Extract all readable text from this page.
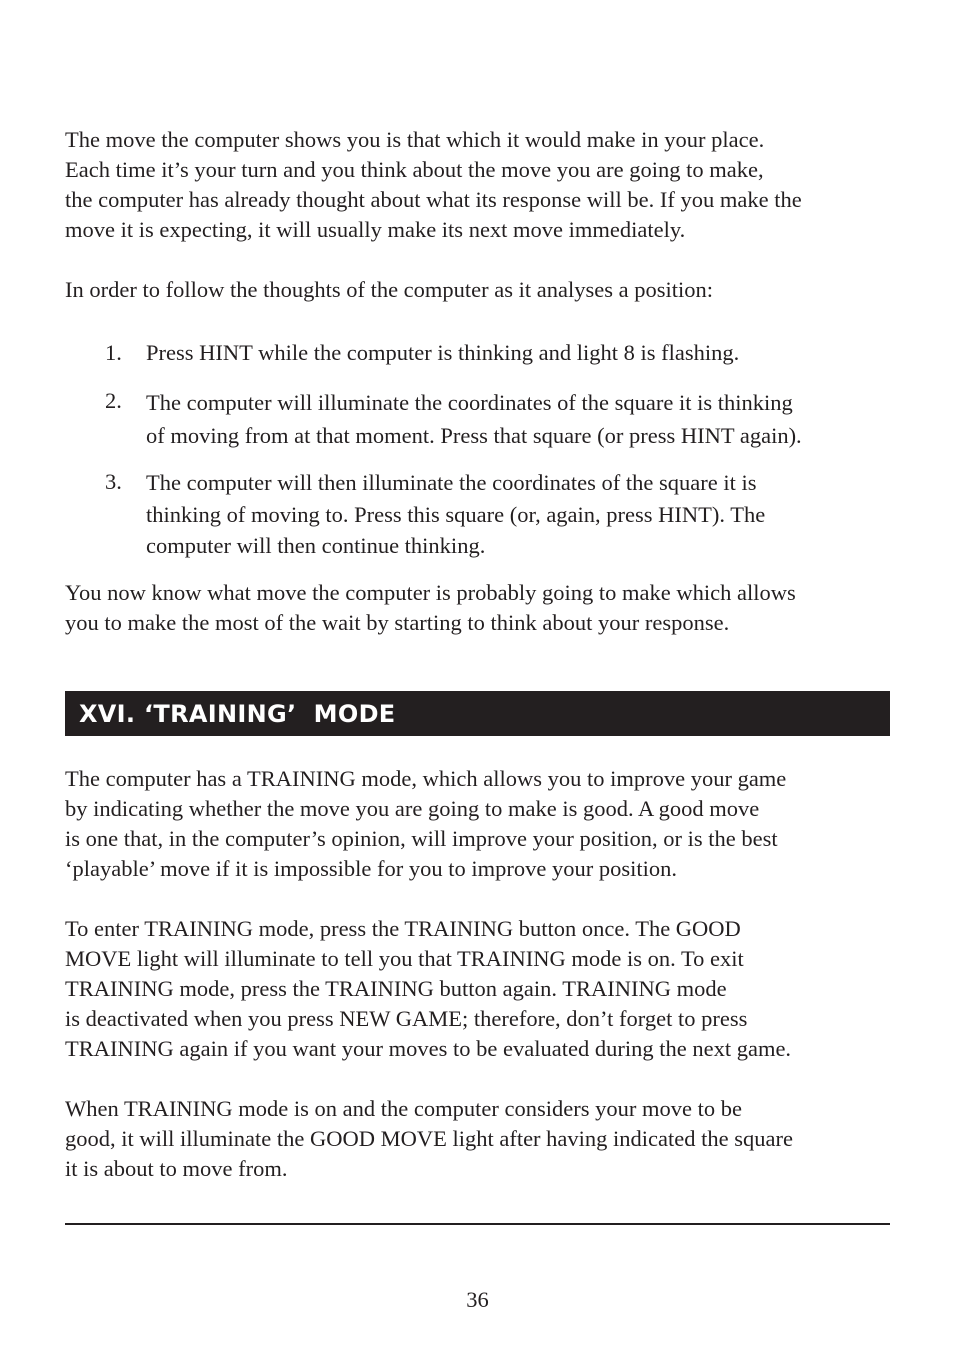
The move the computer shows you is that which it would make in your place.
Each time it’s your turn and you think about the move you are going to make,
the computer has already thought about what its response will be. If you make the
move it is expecting, it will usually make its next move immediately.

In order to follow the thoughts of the computer as it analyses a position:

1. Press HINT while the computer is thinking and light 8 is flashing.
2. The computer will illuminate the coordinates of the square it is thinking
of moving from at that moment. Press that square (or press HINT again).
3. The computer will then illuminate the coordinates of the square it is
thinking of moving to. Press this square (or, again, press HINT). The
computer will then continue thinking.

You now know what move the computer is probably going to make which allows
you to make the most of the wait by starting to think about your response.

XVI. ‘TRAINING’  MODE

The computer has a TRAINING mode, which allows you to improve your game
by indicating whether the move you are going to make is good. A good move
is one that, in the computer’s opinion, will improve your position, or is the best
‘playable’ move if it is impossible for you to improve your position.

To enter TRAINING mode, press the TRAINING button once. The GOOD
MOVE light will illuminate to tell you that TRAINING mode is on. To exit
TRAINING mode, press the TRAINING button again. TRAINING mode
is deactivated when you press NEW GAME; therefore, don’t forget to press
TRAINING again if you want your moves to be evaluated during the next game.

When TRAINING mode is on and the computer considers your move to be
good, it will illuminate the GOOD MOVE light after having indicated the square
it is about to move from.

36
